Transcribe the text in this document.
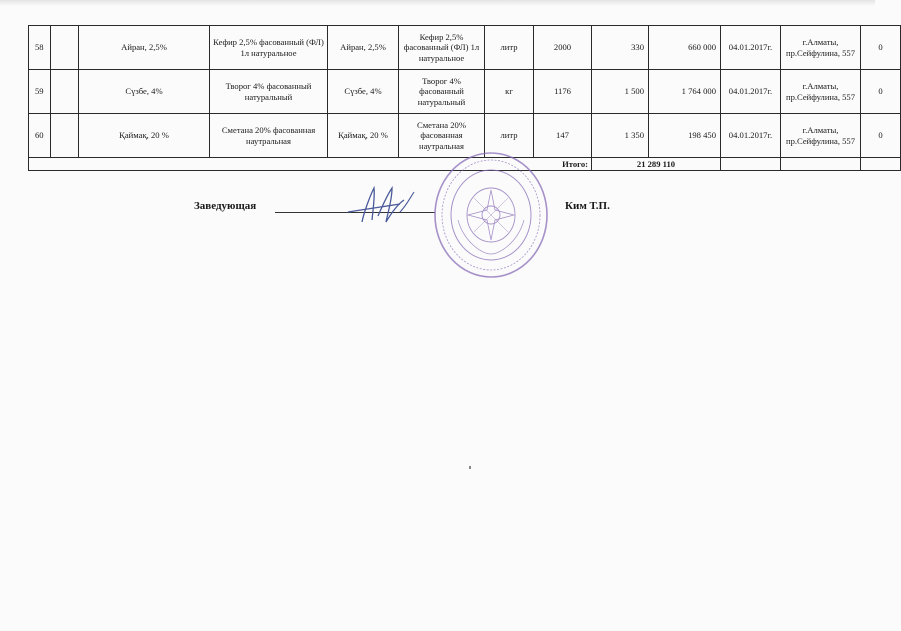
58		Айран, 2,5%	Кефир 2,5% фасованный (ФЛ) 1л натуральное	Айран, 2,5%	Кефир 2,5% фасованный (ФЛ) 1л натуральное	литр	2000	330	660 000	04.01.2017г.	г.Алматы, пр.Сейфулина, 557	0
59		Сүзбе, 4%	Творог 4% фасованный натуральный	Сүзбе, 4%	Творог 4% фасованный натуральный	кг	1176	1 500	1 764 000	04.01.2017г.	г.Алматы, пр.Сейфулина, 557	0
60		Қаймақ, 20 %	Сметана 20% фасованная наутральная	Қаймақ, 20 %	Сметана 20% фасованная наутральная	литр	147	1 350	198 450	04.01.2017г.	г.Алматы, пр.Сейфулина, 557	0
Итого:								21 289 110				
Заведующая	Ким Т.П.
